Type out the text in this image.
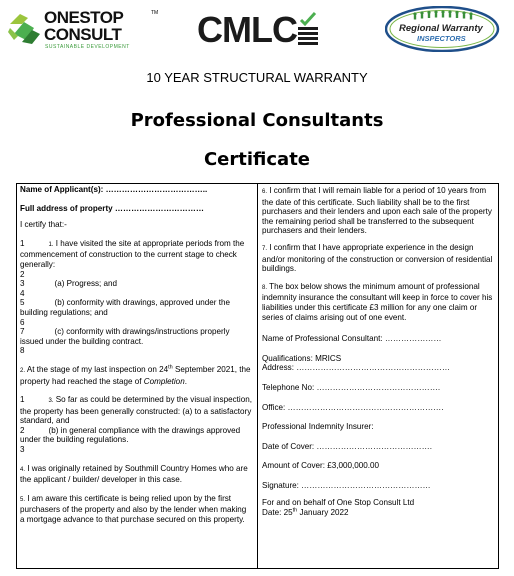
ONESTOP
CONSULT
SUSTAINABLE DEVELOPMENT
TM CMLC	Regional Warranty
INSPECTORS
10 YEAR STRUCTURAL WARRANTY
Professional Consultants
Certificate

Name of Applicant(s): ………………………………..

Full address of property ……………………………

I certify that:-

1	1. I have visited the site at appropriate periods from the commencement of construction to the current stage to check generally:

2

3	(a) Progress; and

4

5	(b) conformity with drawings, approved under the building regulations; and

6

7	(c) conformity with drawings/instructions properly issued under the building contract.

8

2. At the stage of my last inspection on 24th September 2021, the property had reached the stage of Completion.

1	3. So far as could be determined by the visual inspection, the property has been generally constructed: (a) to a satisfactory standard, and

2	(b) in general compliance with the drawings approved under the building regulations.

3

4. I was originally retained by Southmill Country Homes who are the applicant / builder/ developer in this case.

5. I am aware this certificate is being relied upon by the first purchasers of the property and also by the lender when making a mortgage advance to that purchase secured on this property.

6. I confirm that I will remain liable for a period of 10 years from the date of this certificate. Such liability shall be to the first purchasers and their lenders and upon each sale of the property the remaining period shall be transferred to the subsequent purchasers and their lenders.

7. I confirm that I have appropriate experience in the design and/or monitoring of the construction or conversion of residential buildings.

8. The box below shows the minimum amount of professional indemnity insurance the consultant will keep in force to cover his liabilities under this certificate £3 million for any one claim or series of claims arising out of one event.

Name of Professional Consultant: …………………

Qualifications: MRICS

Address: …………………………………………………

Telephone No: ……………………………………….

Office: ………………………………………………….

Professional Indemnity Insurer:

Date of Cover: …………………………………….

Amount of Cover: £3,000,000.00

Signature: …………………………………………

For and on behalf of One Stop Consult Ltd

Date: 25th January 2022
